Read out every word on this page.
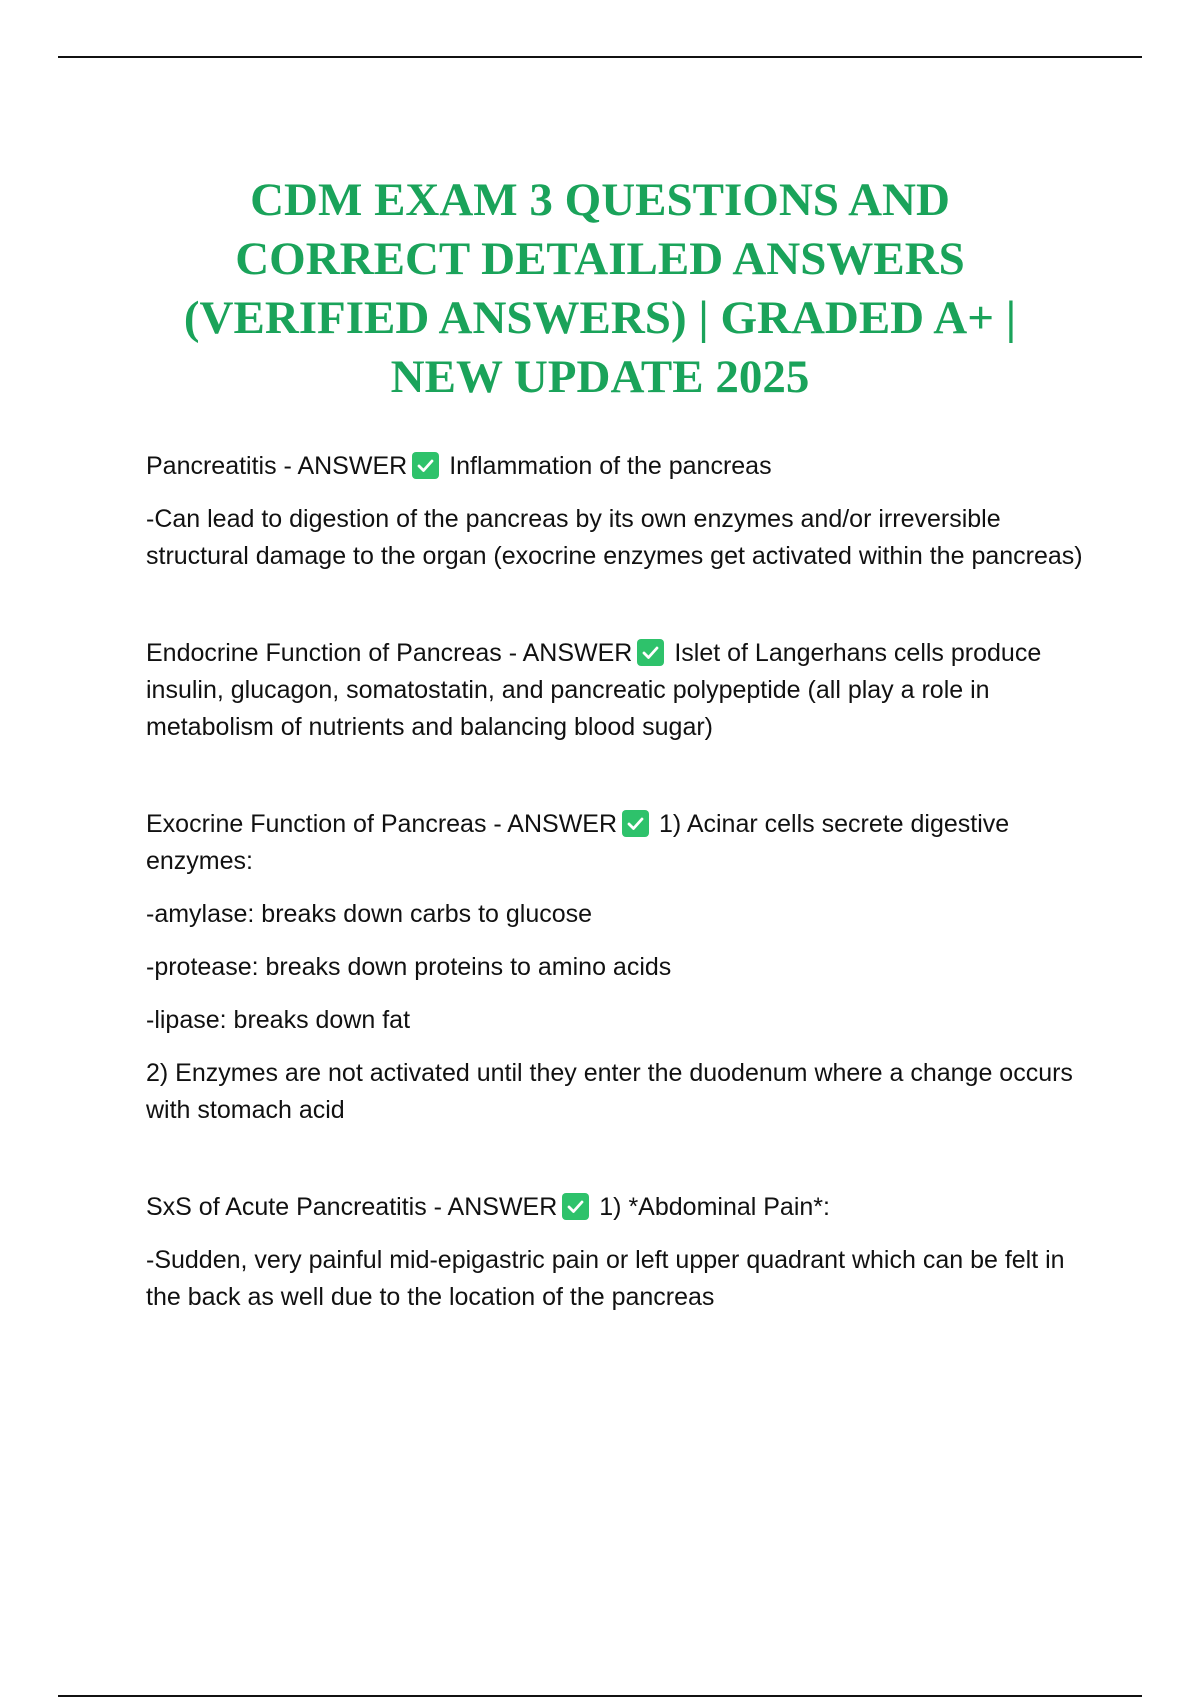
CDM EXAM 3 QUESTIONS AND
CORRECT DETAILED ANSWERS
(VERIFIED ANSWERS) | GRADED A+ |
NEW UPDATE 2025

Pancreatitis - ANSWER Inflammation of the pancreas

-Can lead to digestion of the pancreas by its own enzymes and/or irreversible structural damage to the organ (exocrine enzymes get activated within the pancreas)

Endocrine Function of Pancreas - ANSWER Islet of Langerhans cells produce insulin, glucagon, somatostatin, and pancreatic polypeptide (all play a role in metabolism of nutrients and balancing blood sugar)

Exocrine Function of Pancreas - ANSWER 1) Acinar cells secrete digestive enzymes:

-amylase: breaks down carbs to glucose

-protease: breaks down proteins to amino acids

-lipase: breaks down fat

2) Enzymes are not activated until they enter the duodenum where a change occurs with stomach acid

SxS of Acute Pancreatitis - ANSWER 1) *Abdominal Pain*:

-Sudden, very painful mid-epigastric pain or left upper quadrant which can be felt in the back as well due to the location of the pancreas
